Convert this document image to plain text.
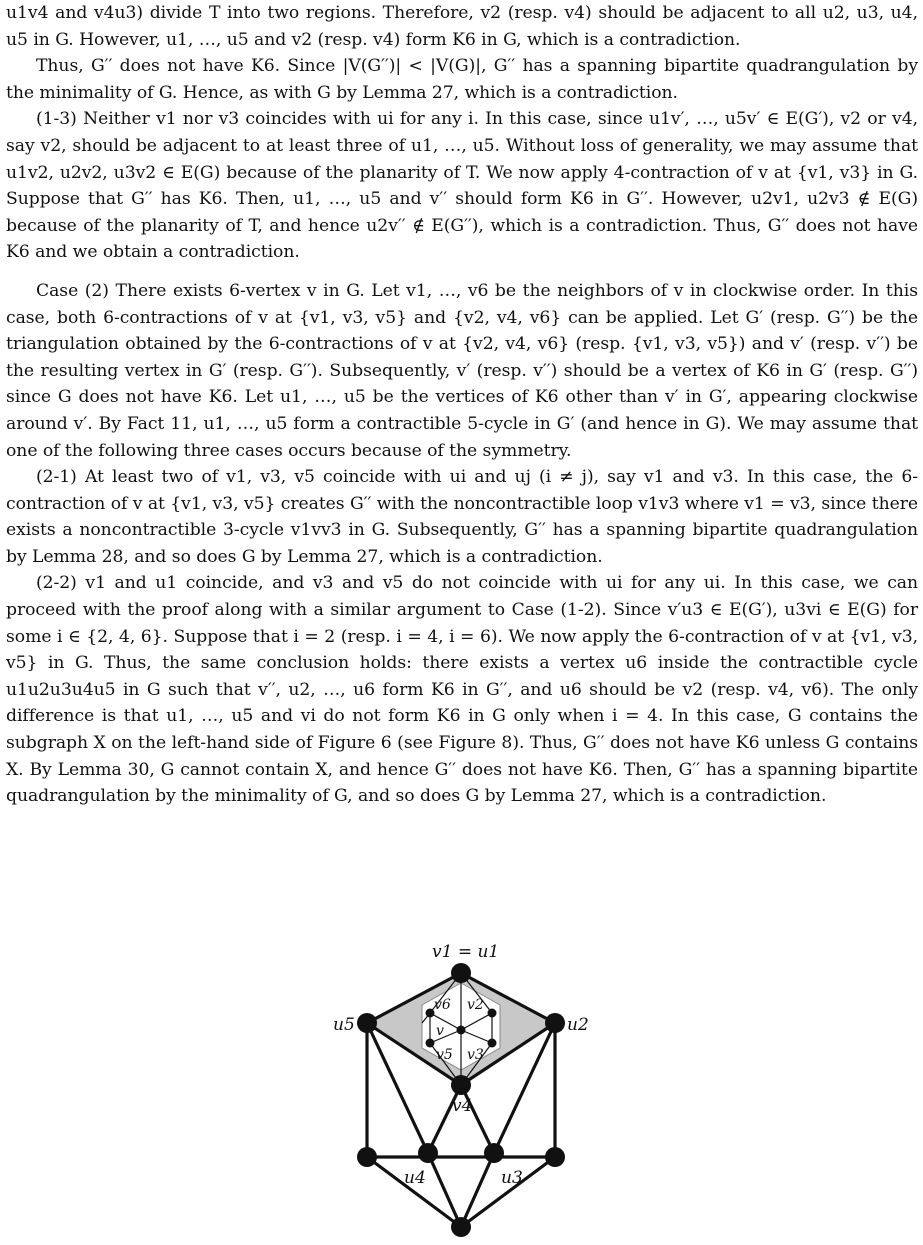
u1v4 and v4u3) divide T into two regions. Therefore, v2 (resp. v4) should be adjacent to all u2, u3, u4, u5 in G. However, u1, …, u5 and v2 (resp. v4) form K6 in G, which is a contradiction.

Thus, G′′ does not have K6. Since |V(G′′)| < |V(G)|, G′′ has a spanning bipartite quadrangulation by the minimality of G. Hence, as with G by Lemma 27, which is a contradiction.

(1-3) Neither v1 nor v3 coincides with ui for any i. In this case, since u1v′, …, u5v′ ∈ E(G′), v2 or v4, say v2, should be adjacent to at least three of u1, …, u5. Without loss of generality, we may assume that u1v2, u2v2, u3v2 ∈ E(G) because of the planarity of T. We now apply 4-contraction of v at {v1, v3} in G. Suppose that G′′ has K6. Then, u1, …, u5 and v′′ should form K6 in G′′. However, u2v1, u2v3 ∉ E(G) because of the planarity of T, and hence u2v′′ ∉ E(G′′), which is a contradiction. Thus, G′′ does not have K6 and we obtain a contradiction.

Case (2) There exists 6-vertex v in G. Let v1, …, v6 be the neighbors of v in clockwise order. In this case, both 6-contractions of v at {v1, v3, v5} and {v2, v4, v6} can be applied. Let G′ (resp. G′′) be the triangulation obtained by the 6-contractions of v at {v2, v4, v6} (resp. {v1, v3, v5}) and v′ (resp. v′′) be the resulting vertex in G′ (resp. G′′). Subsequently, v′ (resp. v′′) should be a vertex of K6 in G′ (resp. G′′) since G does not have K6. Let u1, …, u5 be the vertices of K6 other than v′ in G′, appearing clockwise around v′. By Fact 11, u1, …, u5 form a contractible 5-cycle in G′ (and hence in G). We may assume that one of the following three cases occurs because of the symmetry.

(2-1) At least two of v1, v3, v5 coincide with ui and uj (i ≠ j), say v1 and v3. In this case, the 6-contraction of v at {v1, v3, v5} creates G′′ with the noncontractible loop v1v3 where v1 = v3, since there exists a noncontractible 3-cycle v1vv3 in G. Subsequently, G′′ has a spanning bipartite quadrangulation by Lemma 28, and so does G by Lemma 27, which is a contradiction.

(2-2) v1 and u1 coincide, and v3 and v5 do not coincide with ui for any ui. In this case, we can proceed with the proof along with a similar argument to Case (1-2). Since v′u3 ∈ E(G′), u3vi ∈ E(G) for some i ∈ {2, 4, 6}. Suppose that i = 2 (resp. i = 4, i = 6). We now apply the 6-contraction of v at {v1, v3, v5} in G. Thus, the same conclusion holds: there exists a vertex u6 inside the contractible cycle u1u2u3u4u5 in G such that v′′, u2, …, u6 form K6 in G′′, and u6 should be v2 (resp. v4, v6). The only difference is that u1, …, u5 and vi do not form K6 in G only when i = 4. In this case, G contains the subgraph X on the left-hand side of Figure 6 (see Figure 8). Thus, G′′ does not have K6 unless G contains X. By Lemma 30, G cannot contain X, and hence G′′ does not have K6. Then, G′′ has a spanning bipartite quadrangulation by the minimality of G, and so does G by Lemma 27, which is a contradiction.

v1 = u1
u5	u2
v4
u4	u3
v6 v2
v
v5 v3
